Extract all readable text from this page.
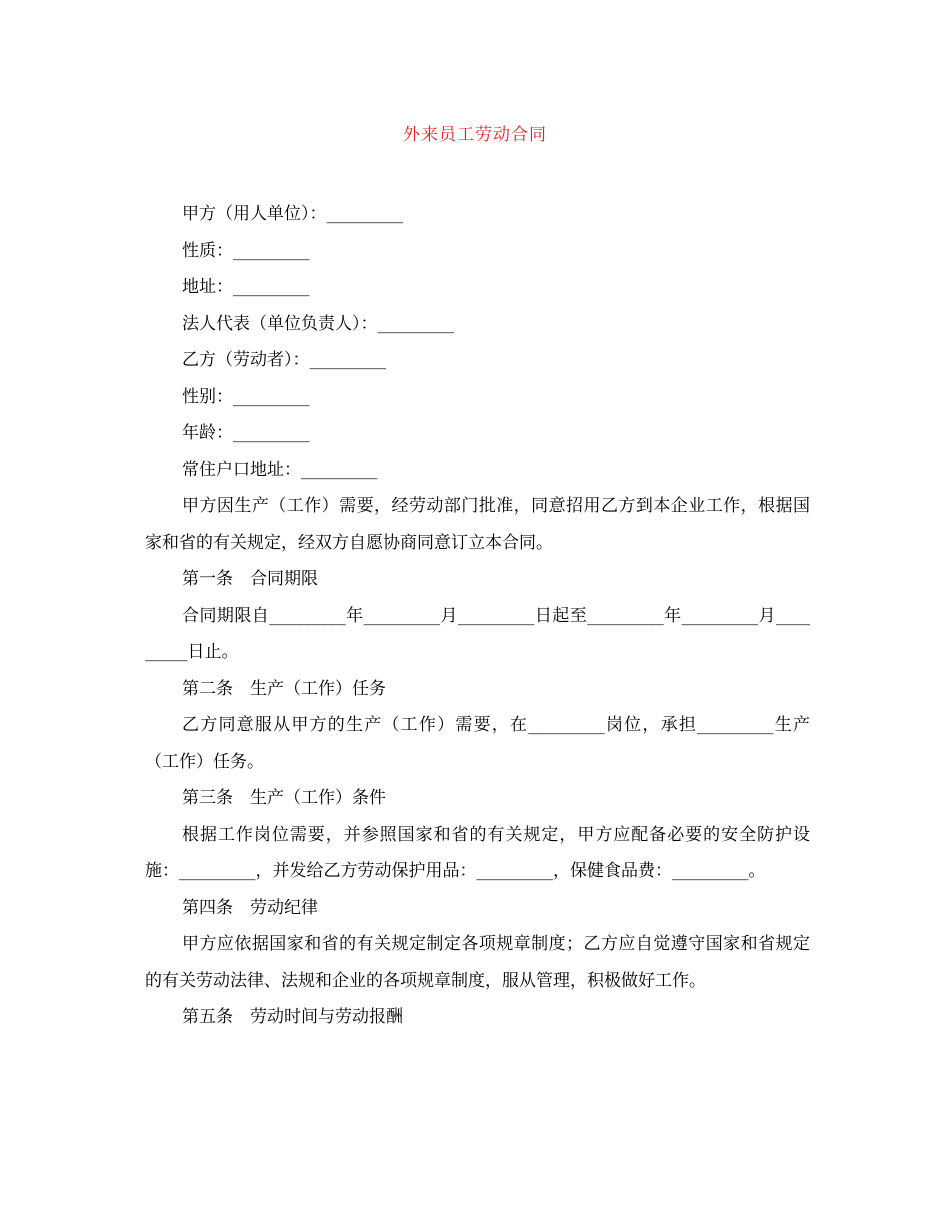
外来员工劳动合同

甲方（用人单位）：_________

性质：_________

地址：_________

法人代表（单位负责人）：_________

乙方（劳动者）：_________

性别：_________

年龄：_________

常住户口地址：_________

甲方因生产（工作）需要，经劳动部门批准，同意招用乙方到本企业工作，根据国家和省的有关规定，经双方自愿协商同意订立本合同。

第一条　合同期限

合同期限自_________年_________月_________日起至_________年_________月_________日止。

第二条　生产（工作）任务

乙方同意服从甲方的生产（工作）需要，在_________岗位，承担_________生产（工作）任务。

第三条　生产（工作）条件

根据工作岗位需要，并参照国家和省的有关规定，甲方应配备必要的安全防护设施：_________，并发给乙方劳动保护用品：_________，保健食品费：_________。

第四条　劳动纪律

甲方应依据国家和省的有关规定制定各项规章制度；乙方应自觉遵守国家和省规定的有关劳动法律、法规和企业的各项规章制度，服从管理，积极做好工作。

第五条　劳动时间与劳动报酬
